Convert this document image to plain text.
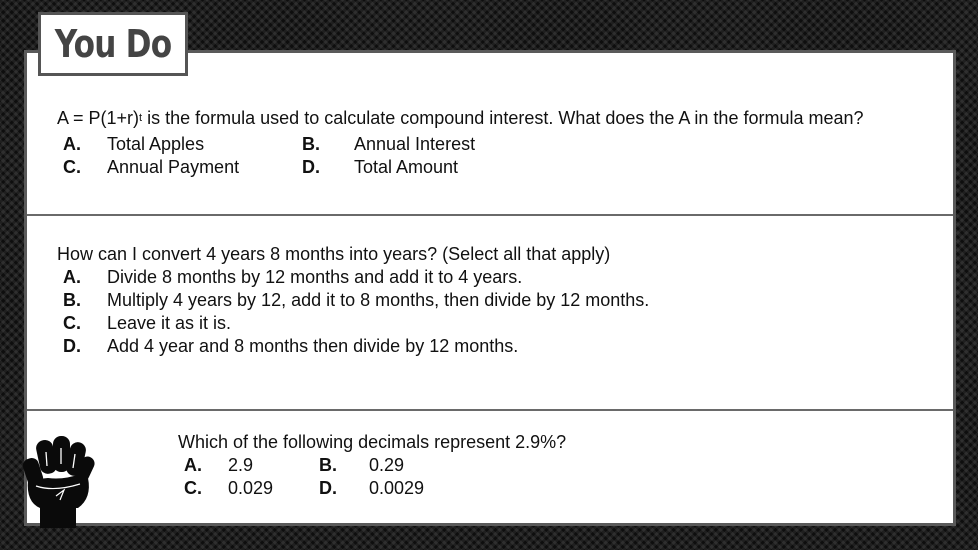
You Do
$A = P(1+r)^t$ is the formula used to calculate compound interest. What does the A in the formula mean?
A.	Total Apples	B.	Annual Interest
C.	Annual Payment	D.	Total Amount
How can I convert 4 years 8 months into years? (Select all that apply)
A.	Divide 8 months by 12 months and add it to 4 years.
B.	Multiply 4 years by 12, add it to 8 months, then divide by 12 months.
C.	Leave it as it is.
D.	Add 4 year and 8 months then divide by 12 months.
Which of the following decimals represent 2.9%?
A.	2.9	B.	0.29
C.	0.029	D.	0.0029
